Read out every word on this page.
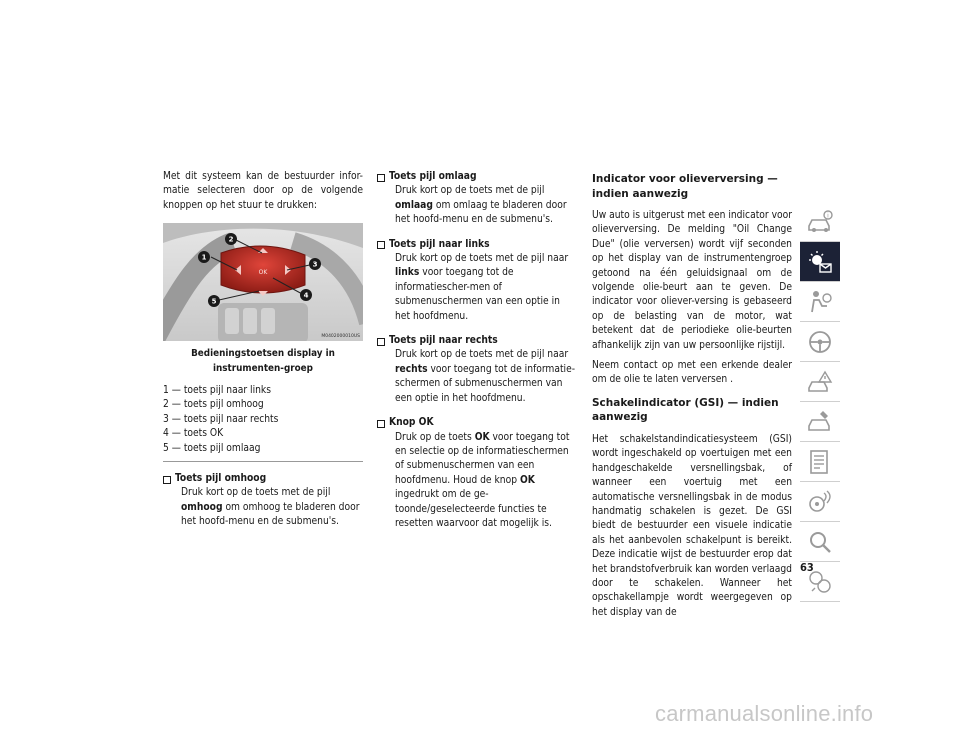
Met dit systeem kan de bestuurder infor-matie selecteren door op de volgende knoppen op het stuur te drukken:

OK
1
2
3
4
5
M0402000010US
Bedieningstoetsen display in instrumenten-groep
1 — toets pijl naar links
2 — toets pijl omhoog
3 — toets pijl naar rechts
4 — toets OK
5 — toets pijl omlaag
Toets pijl omhoog

Druk kort op de toets met de pijl omhoog om omhoog te bladeren door het hoofd-menu en de submenu's.

Toets pijl omlaag

Druk kort op de toets met de pijl omlaag om omlaag te bladeren door het hoofd-menu en de submenu's.

Toets pijl naar links

Druk kort op de toets met de pijl naar links voor toegang tot de informatiescher-men of submenuschermen van een optie in het hoofdmenu.

Toets pijl naar rechts

Druk kort op de toets met de pijl naar rechts voor toegang tot de informatie-schermen of submenuschermen van een optie in het hoofdmenu.

Knop OK

Druk op de toets OK voor toegang tot en selectie op de informatieschermen of submenuschermen van een hoofdmenu. Houd de knop OK ingedrukt om de ge-toonde/geselecteerde functies te resetten waarvoor dat mogelijk is.

Indicator voor olieverversing — indien aanwezig

Uw auto is uitgerust met een indicator voor olieverversing. De melding "Oil Change Due" (olie verversen) wordt vijf seconden op het display van de instrumentengroep getoond na één geluidsignaal om de volgende olie-beurt aan te geven. De indicator voor oliever-versing is gebaseerd op de belasting van de motor, wat betekent dat de periodieke olie-beurten afhankelijk zijn van uw persoonlijke rijstijl.

Neem contact op met een erkende dealer om de olie te laten verversen .

Schakelindicator (GSI) — indien aanwezig

Het schakelstandindicatiesysteem (GSI) wordt ingeschakeld op voertuigen met een handgeschakelde versnellingsbak, of wanneer een voertuig met een automatische versnellingsbak in de modus handmatig schakelen is gezet. De GSI biedt de bestuurder een visuele indicatie als het aanbevolen schakelpunt is bereikt. Deze indicatie wijst de bestuurder erop dat het brandstofverbruik kan worden verlaagd door te schakelen. Wanneer het opschakellampje wordt weergegeven op het display van de

i
63
carmanualsonline.info
